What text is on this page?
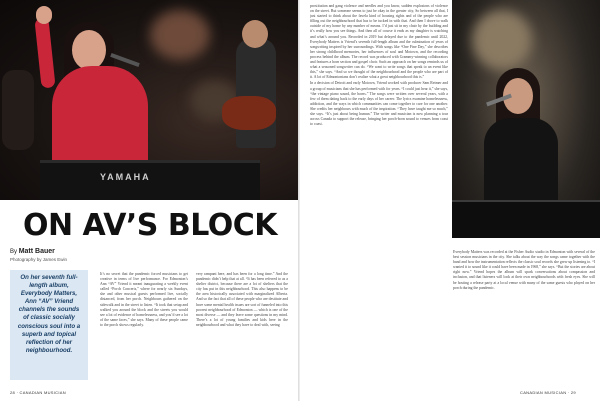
YAMAHA
ON AV’S BLOCK
By Matt Bauer
Photography by James Ewin
On her seventh full-length album, Everybody Matters, Ann “AV” Vriend channels the sounds of classic socially conscious soul into a superb and topical reflection of her neighbourhood.

It’s no secret that the pandemic forced musicians to get creative in terms of live performance. For Edmonton’s Ann “AV” Vriend it meant inaugurating a weekly event called “Porch Concerts,” where for nearly six Sundays, she and other musical guests performed live, socially distanced, from her porch. Neighbours gathered on the sidewalk and in the street to listen. “It took that setup and walked you around the block and the streets you would see a lot of evidence of homelessness, and you’d see a lot of the same faces,” she says. Many of these people came to the porch shows regularly.

very rampant here, and has been for a long time.” And the pandemic didn’t help that at all. “It has been referred to as a shelter district, because there are a lot of shelters that the city has put in this neighbourhood. This also happens to be the area historically associated with marginalized Alberta. And so the fact that all of these people who are destitute and have some mental health issues are sort of funneled into this poorest neighbourhood of Edmonton — which is one of the most diverse — and they leave some questions in my mind. There’s a lot of young families and kids here in the neighbourhood and what they have to deal with, seeing

28 · CANADIAN MUSICIAN

prostitution and gang violence and needles and you know, sudden explosions of violence on the street. But someone seems to just be okay in the greater city, So between all that, I just started to think about the favela kind of housing rights and of the people who are filling out the neighbourhood that has to be tucked in with that. And then I drove to walk outside of my home by any number of means. I’d just sit in my chair by the building and it’s really how you see things. And then all of course it ends as my daughter is watching and what’s around you. Recorded in 2019 but delayed due to the pandemic until 2022, Everybody Matters is Vriend’s seventh full-length album and the culmination of years of songwriting inspired by her surroundings. With songs like “One Fine Day,” she describes her strong childhood memories, her influences of soul and Motown, and the recording process behind the album. The record was produced with Grammy-winning collaborators and features a horn section and gospel choir. Such an approach on her songs reminds us of what a seasoned songwriter can do. “We want to write songs that speak to an event like this,” she says. “And so we thought of the neighbourhood and the people who are part of it. A lot of Edmontonians don’t realize what a great neighbourhood this is.”

In a decision of Detroit and early Motown, Vriend worked with producer Sam Reimer and a group of musicians that she has performed with for years. “I could just hear it,” she says, “the vintage piano sound, the horns.” The songs were written over several years, with a few of them dating back to the early days of her career. The lyrics examine homelessness, addiction, and the ways in which communities can come together to care for one another. She credits her neighbours with much of the inspiration. “They have taught me so much,” she says. “It’s just about being human.” The writer and musician is now planning a tour across Canada to support the release, bringing her porch-born sound to venues from coast to coast.

Everybody Matters was recorded at the Fisher Audio studio in Edmonton with several of the best session musicians in the city. She talks about the way the songs came together with the band and how the instrumentation reflects the classic soul records she grew up listening to. “I wanted it to sound like it could have been made in 1968,” she says. “But the stories are about right now.” Vriend hopes the album will spark conversations about compassion and inclusion, and that listeners will look at their own neighbourhoods with fresh eyes. She will be hosting a release party at a local venue with many of the same guests who played on her porch during the pandemic.

CANADIAN MUSICIAN · 29
